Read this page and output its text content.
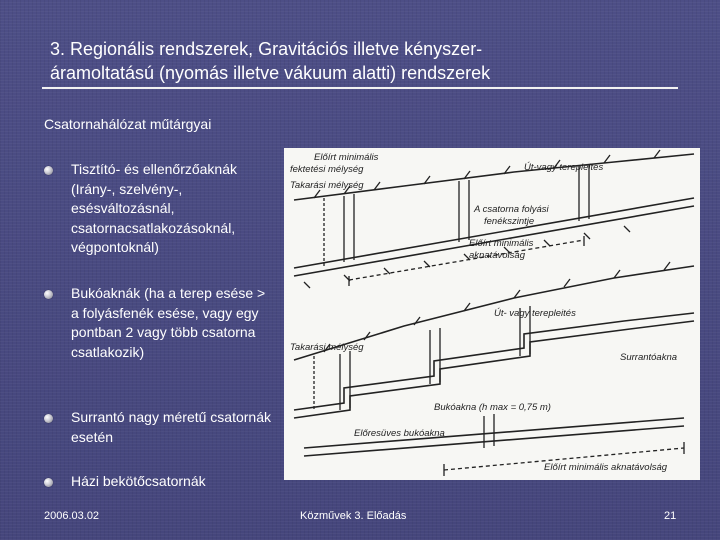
3. Regionális rendszerek, Gravitációs illetve kényszer-
áramoltatású (nyomás illetve vákuum alatti) rendszerek
Csatornahálózat műtárgyai
Tisztító- és ellenőrzőaknák (Irány-, szelvény-, esésváltozásnál, csatornacsatlakozásoknál, végpontoknál)
Bukóaknák (ha a terep esése > a folyásfenék esése, vagy egy pontban 2 vagy több csatorna csatlakozik)
Surrantó nagy méretű csatornák esetén
Házi bekötőcsatornák
Előírt minimális
fektetési mélység
Takarási mélység
Út-vagy terepleités
A csatorna folyási
fenékszintje
Előírt minimális
aknatávolság
Út- vagy terepleités
Takarási mélység
Surrantóakna
Bukóakna (h max = 0,75 m)
Előresüves bukóakna
Előírt minimális aknatávolság
2006.03.02	Közművek 3. Előadás	21
